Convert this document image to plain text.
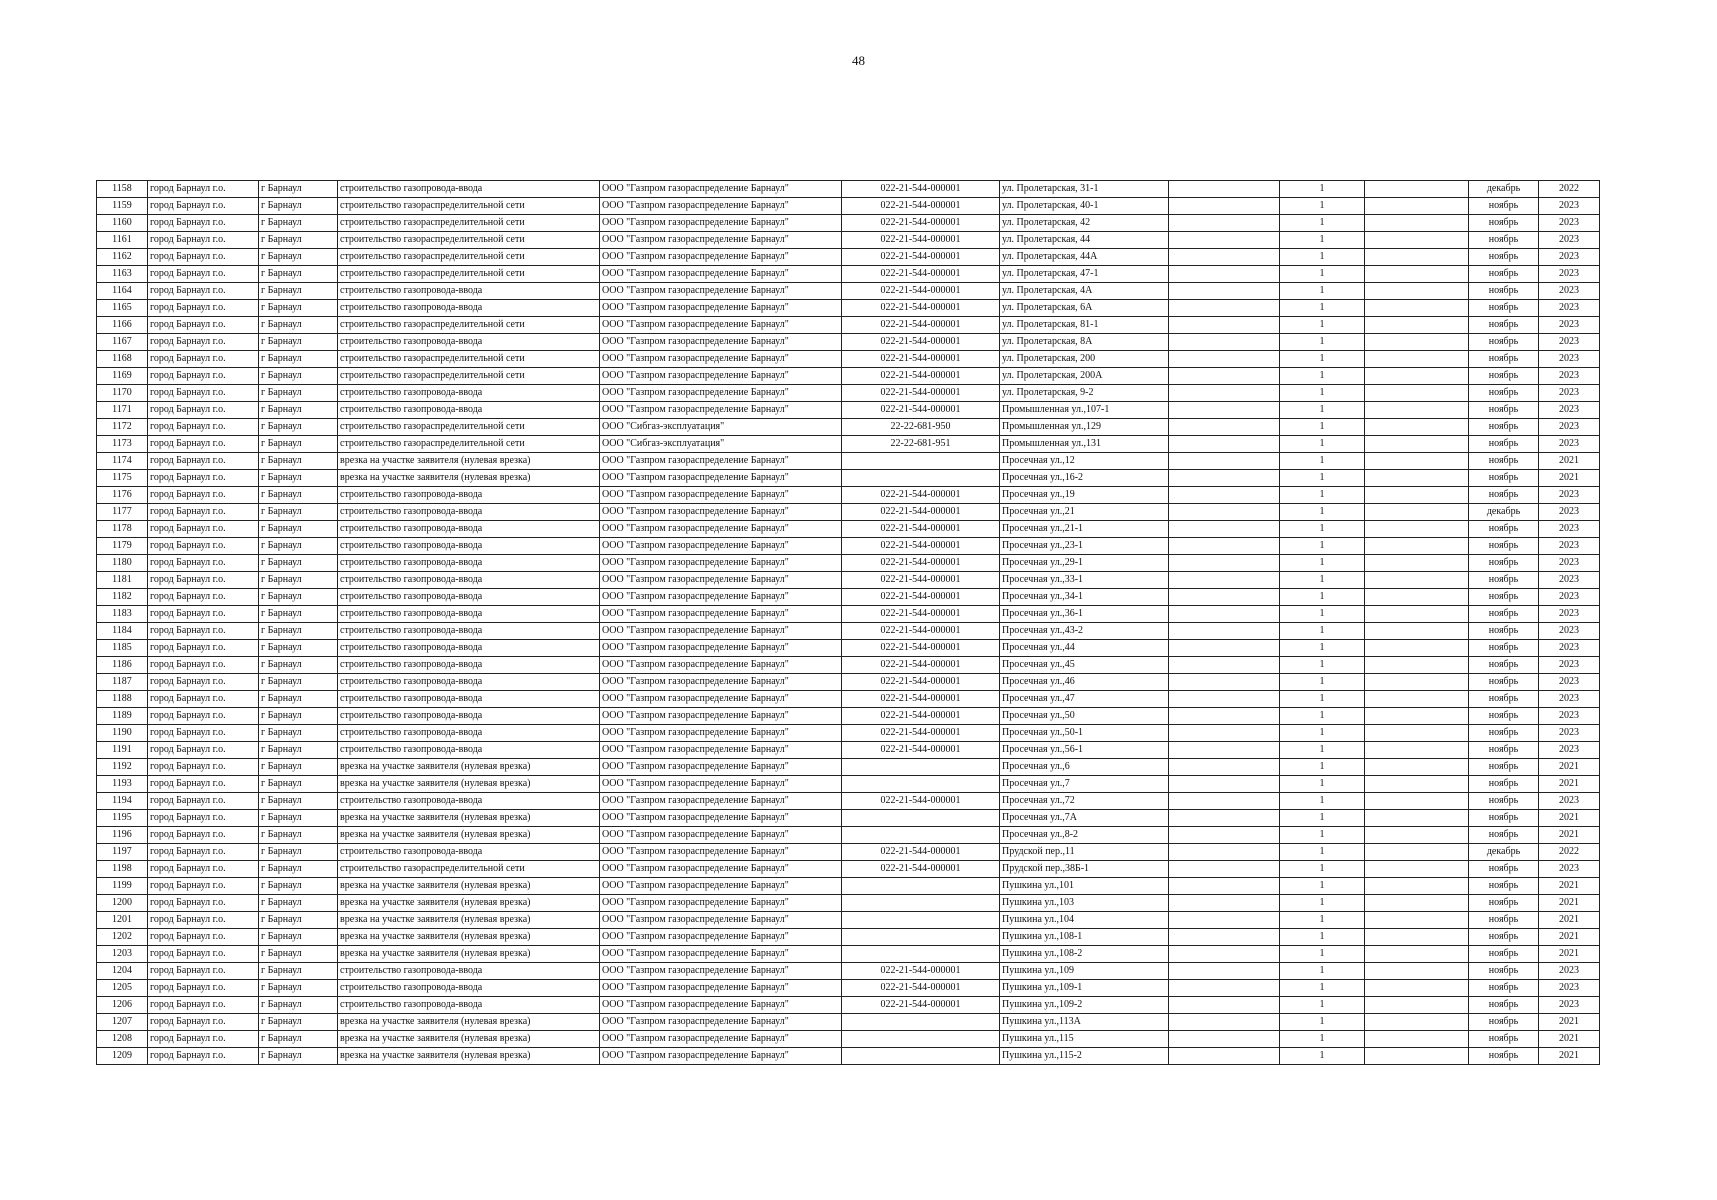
48
1158	город Барнаул г.о.	г Барнаул	строительство газопровода-ввода	ООО "Газпром газораспределение Барнаул"	022-21-544-000001	ул. Пролетарская, 31-1		1		декабрь	2022
1159	город Барнаул г.о.	г Барнаул	строительство газораспределительной сети	ООО "Газпром газораспределение Барнаул"	022-21-544-000001	ул. Пролетарская, 40-1		1		ноябрь	2023
1160	город Барнаул г.о.	г Барнаул	строительство газораспределительной сети	ООО "Газпром газораспределение Барнаул"	022-21-544-000001	ул. Пролетарская, 42		1		ноябрь	2023
1161	город Барнаул г.о.	г Барнаул	строительство газораспределительной сети	ООО "Газпром газораспределение Барнаул"	022-21-544-000001	ул. Пролетарская, 44		1		ноябрь	2023
1162	город Барнаул г.о.	г Барнаул	строительство газораспределительной сети	ООО "Газпром газораспределение Барнаул"	022-21-544-000001	ул. Пролетарская, 44А		1		ноябрь	2023
1163	город Барнаул г.о.	г Барнаул	строительство газораспределительной сети	ООО "Газпром газораспределение Барнаул"	022-21-544-000001	ул. Пролетарская, 47-1		1		ноябрь	2023
1164	город Барнаул г.о.	г Барнаул	строительство газопровода-ввода	ООО "Газпром газораспределение Барнаул"	022-21-544-000001	ул. Пролетарская, 4А		1		ноябрь	2023
1165	город Барнаул г.о.	г Барнаул	строительство газопровода-ввода	ООО "Газпром газораспределение Барнаул"	022-21-544-000001	ул. Пролетарская, 6А		1		ноябрь	2023
1166	город Барнаул г.о.	г Барнаул	строительство газораспределительной сети	ООО "Газпром газораспределение Барнаул"	022-21-544-000001	ул. Пролетарская, 81-1		1		ноябрь	2023
1167	город Барнаул г.о.	г Барнаул	строительство газопровода-ввода	ООО "Газпром газораспределение Барнаул"	022-21-544-000001	ул. Пролетарская, 8А		1		ноябрь	2023
1168	город Барнаул г.о.	г Барнаул	строительство газораспределительной сети	ООО "Газпром газораспределение Барнаул"	022-21-544-000001	ул. Пролетарская, 200		1		ноябрь	2023
1169	город Барнаул г.о.	г Барнаул	строительство газораспределительной сети	ООО "Газпром газораспределение Барнаул"	022-21-544-000001	ул. Пролетарская, 200А		1		ноябрь	2023
1170	город Барнаул г.о.	г Барнаул	строительство газопровода-ввода	ООО "Газпром газораспределение Барнаул"	022-21-544-000001	ул. Пролетарская, 9-2		1		ноябрь	2023
1171	город Барнаул г.о.	г Барнаул	строительство газопровода-ввода	ООО "Газпром газораспределение Барнаул"	022-21-544-000001	Промышленная ул.,107-1		1		ноябрь	2023
1172	город Барнаул г.о.	г Барнаул	строительство газораспределительной сети	ООО "Сибгаз-эксплуатация"	22-22-681-950	Промышленная ул.,129		1		ноябрь	2023
1173	город Барнаул г.о.	г Барнаул	строительство газораспределительной сети	ООО "Сибгаз-эксплуатация"	22-22-681-951	Промышленная ул.,131		1		ноябрь	2023
1174	город Барнаул г.о.	г Барнаул	врезка на участке заявителя (нулевая врезка)	ООО "Газпром газораспределение Барнаул"		Просечная ул.,12		1		ноябрь	2021
1175	город Барнаул г.о.	г Барнаул	врезка на участке заявителя (нулевая врезка)	ООО "Газпром газораспределение Барнаул"		Просечная ул.,16-2		1		ноябрь	2021
1176	город Барнаул г.о.	г Барнаул	строительство газопровода-ввода	ООО "Газпром газораспределение Барнаул"	022-21-544-000001	Просечная ул.,19		1		ноябрь	2023
1177	город Барнаул г.о.	г Барнаул	строительство газопровода-ввода	ООО "Газпром газораспределение Барнаул"	022-21-544-000001	Просечная ул.,21		1		декабрь	2023
1178	город Барнаул г.о.	г Барнаул	строительство газопровода-ввода	ООО "Газпром газораспределение Барнаул"	022-21-544-000001	Просечная ул.,21-1		1		ноябрь	2023
1179	город Барнаул г.о.	г Барнаул	строительство газопровода-ввода	ООО "Газпром газораспределение Барнаул"	022-21-544-000001	Просечная ул.,23-1		1		ноябрь	2023
1180	город Барнаул г.о.	г Барнаул	строительство газопровода-ввода	ООО "Газпром газораспределение Барнаул"	022-21-544-000001	Просечная ул.,29-1		1		ноябрь	2023
1181	город Барнаул г.о.	г Барнаул	строительство газопровода-ввода	ООО "Газпром газораспределение Барнаул"	022-21-544-000001	Просечная ул.,33-1		1		ноябрь	2023
1182	город Барнаул г.о.	г Барнаул	строительство газопровода-ввода	ООО "Газпром газораспределение Барнаул"	022-21-544-000001	Просечная ул.,34-1		1		ноябрь	2023
1183	город Барнаул г.о.	г Барнаул	строительство газопровода-ввода	ООО "Газпром газораспределение Барнаул"	022-21-544-000001	Просечная ул.,36-1		1		ноябрь	2023
1184	город Барнаул г.о.	г Барнаул	строительство газопровода-ввода	ООО "Газпром газораспределение Барнаул"	022-21-544-000001	Просечная ул.,43-2		1		ноябрь	2023
1185	город Барнаул г.о.	г Барнаул	строительство газопровода-ввода	ООО "Газпром газораспределение Барнаул"	022-21-544-000001	Просечная ул.,44		1		ноябрь	2023
1186	город Барнаул г.о.	г Барнаул	строительство газопровода-ввода	ООО "Газпром газораспределение Барнаул"	022-21-544-000001	Просечная ул.,45		1		ноябрь	2023
1187	город Барнаул г.о.	г Барнаул	строительство газопровода-ввода	ООО "Газпром газораспределение Барнаул"	022-21-544-000001	Просечная ул.,46		1		ноябрь	2023
1188	город Барнаул г.о.	г Барнаул	строительство газопровода-ввода	ООО "Газпром газораспределение Барнаул"	022-21-544-000001	Просечная ул.,47		1		ноябрь	2023
1189	город Барнаул г.о.	г Барнаул	строительство газопровода-ввода	ООО "Газпром газораспределение Барнаул"	022-21-544-000001	Просечная ул.,50		1		ноябрь	2023
1190	город Барнаул г.о.	г Барнаул	строительство газопровода-ввода	ООО "Газпром газораспределение Барнаул"	022-21-544-000001	Просечная ул.,50-1		1		ноябрь	2023
1191	город Барнаул г.о.	г Барнаул	строительство газопровода-ввода	ООО "Газпром газораспределение Барнаул"	022-21-544-000001	Просечная ул.,56-1		1		ноябрь	2023
1192	город Барнаул г.о.	г Барнаул	врезка на участке заявителя (нулевая врезка)	ООО "Газпром газораспределение Барнаул"		Просечная ул.,6		1		ноябрь	2021
1193	город Барнаул г.о.	г Барнаул	врезка на участке заявителя (нулевая врезка)	ООО "Газпром газораспределение Барнаул"		Просечная ул.,7		1		ноябрь	2021
1194	город Барнаул г.о.	г Барнаул	строительство газопровода-ввода	ООО "Газпром газораспределение Барнаул"	022-21-544-000001	Просечная ул.,72		1		ноябрь	2023
1195	город Барнаул г.о.	г Барнаул	врезка на участке заявителя (нулевая врезка)	ООО "Газпром газораспределение Барнаул"		Просечная ул.,7А		1		ноябрь	2021
1196	город Барнаул г.о.	г Барнаул	врезка на участке заявителя (нулевая врезка)	ООО "Газпром газораспределение Барнаул"		Просечная ул.,8-2		1		ноябрь	2021
1197	город Барнаул г.о.	г Барнаул	строительство газопровода-ввода	ООО "Газпром газораспределение Барнаул"	022-21-544-000001	Прудской пер.,11		1		декабрь	2022
1198	город Барнаул г.о.	г Барнаул	строительство газораспределительной сети	ООО "Газпром газораспределение Барнаул"	022-21-544-000001	Прудской пер.,38Б-1		1		ноябрь	2023
1199	город Барнаул г.о.	г Барнаул	врезка на участке заявителя (нулевая врезка)	ООО "Газпром газораспределение Барнаул"		Пушкина ул.,101		1		ноябрь	2021
1200	город Барнаул г.о.	г Барнаул	врезка на участке заявителя (нулевая врезка)	ООО "Газпром газораспределение Барнаул"		Пушкина ул.,103		1		ноябрь	2021
1201	город Барнаул г.о.	г Барнаул	врезка на участке заявителя (нулевая врезка)	ООО "Газпром газораспределение Барнаул"		Пушкина ул.,104		1		ноябрь	2021
1202	город Барнаул г.о.	г Барнаул	врезка на участке заявителя (нулевая врезка)	ООО "Газпром газораспределение Барнаул"		Пушкина ул.,108-1		1		ноябрь	2021
1203	город Барнаул г.о.	г Барнаул	врезка на участке заявителя (нулевая врезка)	ООО "Газпром газораспределение Барнаул"		Пушкина ул.,108-2		1		ноябрь	2021
1204	город Барнаул г.о.	г Барнаул	строительство газопровода-ввода	ООО "Газпром газораспределение Барнаул"	022-21-544-000001	Пушкина ул.,109		1		ноябрь	2023
1205	город Барнаул г.о.	г Барнаул	строительство газопровода-ввода	ООО "Газпром газораспределение Барнаул"	022-21-544-000001	Пушкина ул.,109-1		1		ноябрь	2023
1206	город Барнаул г.о.	г Барнаул	строительство газопровода-ввода	ООО "Газпром газораспределение Барнаул"	022-21-544-000001	Пушкина ул.,109-2		1		ноябрь	2023
1207	город Барнаул г.о.	г Барнаул	врезка на участке заявителя (нулевая врезка)	ООО "Газпром газораспределение Барнаул"		Пушкина ул.,113А		1		ноябрь	2021
1208	город Барнаул г.о.	г Барнаул	врезка на участке заявителя (нулевая врезка)	ООО "Газпром газораспределение Барнаул"		Пушкина ул.,115		1		ноябрь	2021
1209	город Барнаул г.о.	г Барнаул	врезка на участке заявителя (нулевая врезка)	ООО "Газпром газораспределение Барнаул"		Пушкина ул.,115-2		1		ноябрь	2021
